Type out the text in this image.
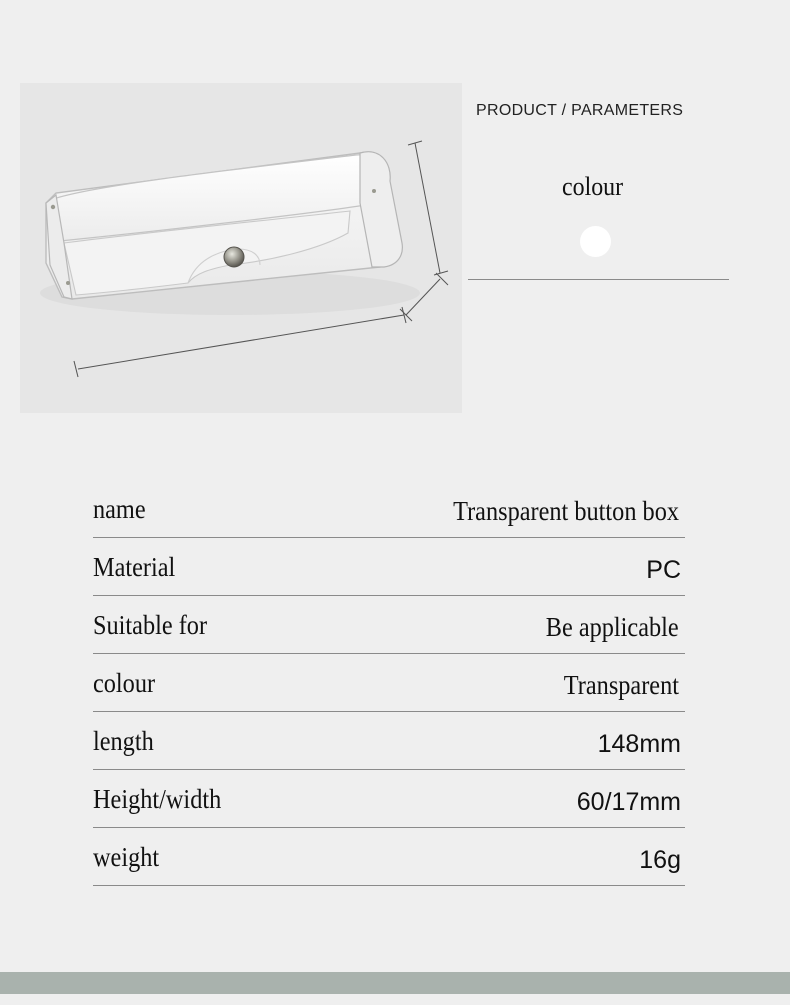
PRODUCT / PARAMETERS
colour
name	Transparent button box
Material	PC
Suitable for	Be applicable
colour	Transparent
length	148mm
Height/width	60/17mm
weight	16g
